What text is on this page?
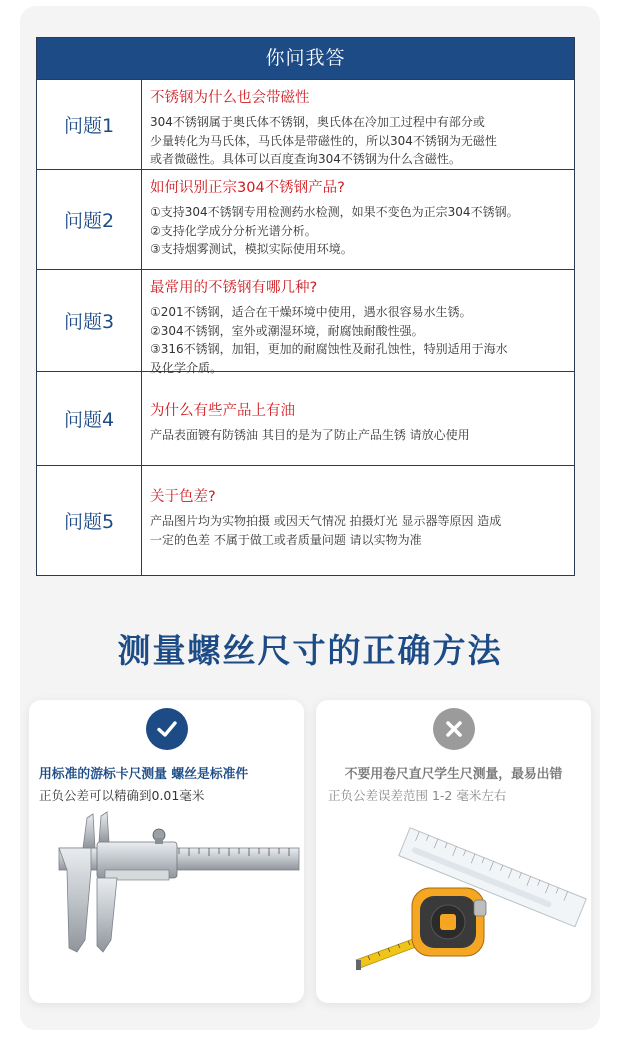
你问我答
问题1
不锈钢为什么也会带磁性
304不锈钢属于奥氏体不锈钢，奥氏体在冷加工过程中有部分或
少量转化为马氏体，马氏体是带磁性的，所以304不锈钢为无磁性
或者微磁性。具体可以百度查询304不锈钢为什么含磁性。
问题2
如何识别正宗304不锈钢产品?
①支持304不锈钢专用检测药水检测，如果不变色为正宗304不锈钢。
②支持化学成分分析光谱分析。
③支持烟雾测试，模拟实际使用环境。
问题3
最常用的不锈钢有哪几种?
①201不锈钢，适合在干燥环境中使用，遇水很容易水生锈。
②304不锈钢，室外或潮湿环境，耐腐蚀耐酸性强。
③316不锈钢，加钼，更加的耐腐蚀性及耐孔蚀性，特别适用于海水
及化学介质。
问题4	为什么有些产品上有油
产品表面镀有防锈油 其目的是为了防止产品生锈 请放心使用
问题5
关于色差?
产品图片均为实物拍摄 或因天气情况 拍摄灯光 显示器等原因 造成
一定的色差 不属于做工或者质量问题 请以实物为准
测量螺丝尺寸的正确方法
用标准的游标卡尺测量 螺丝是标准件
正负公差可以精确到0.01毫米
不要用卷尺直尺学生尺测量，最易出错
正负公差误差范围 1-2 毫米左右
